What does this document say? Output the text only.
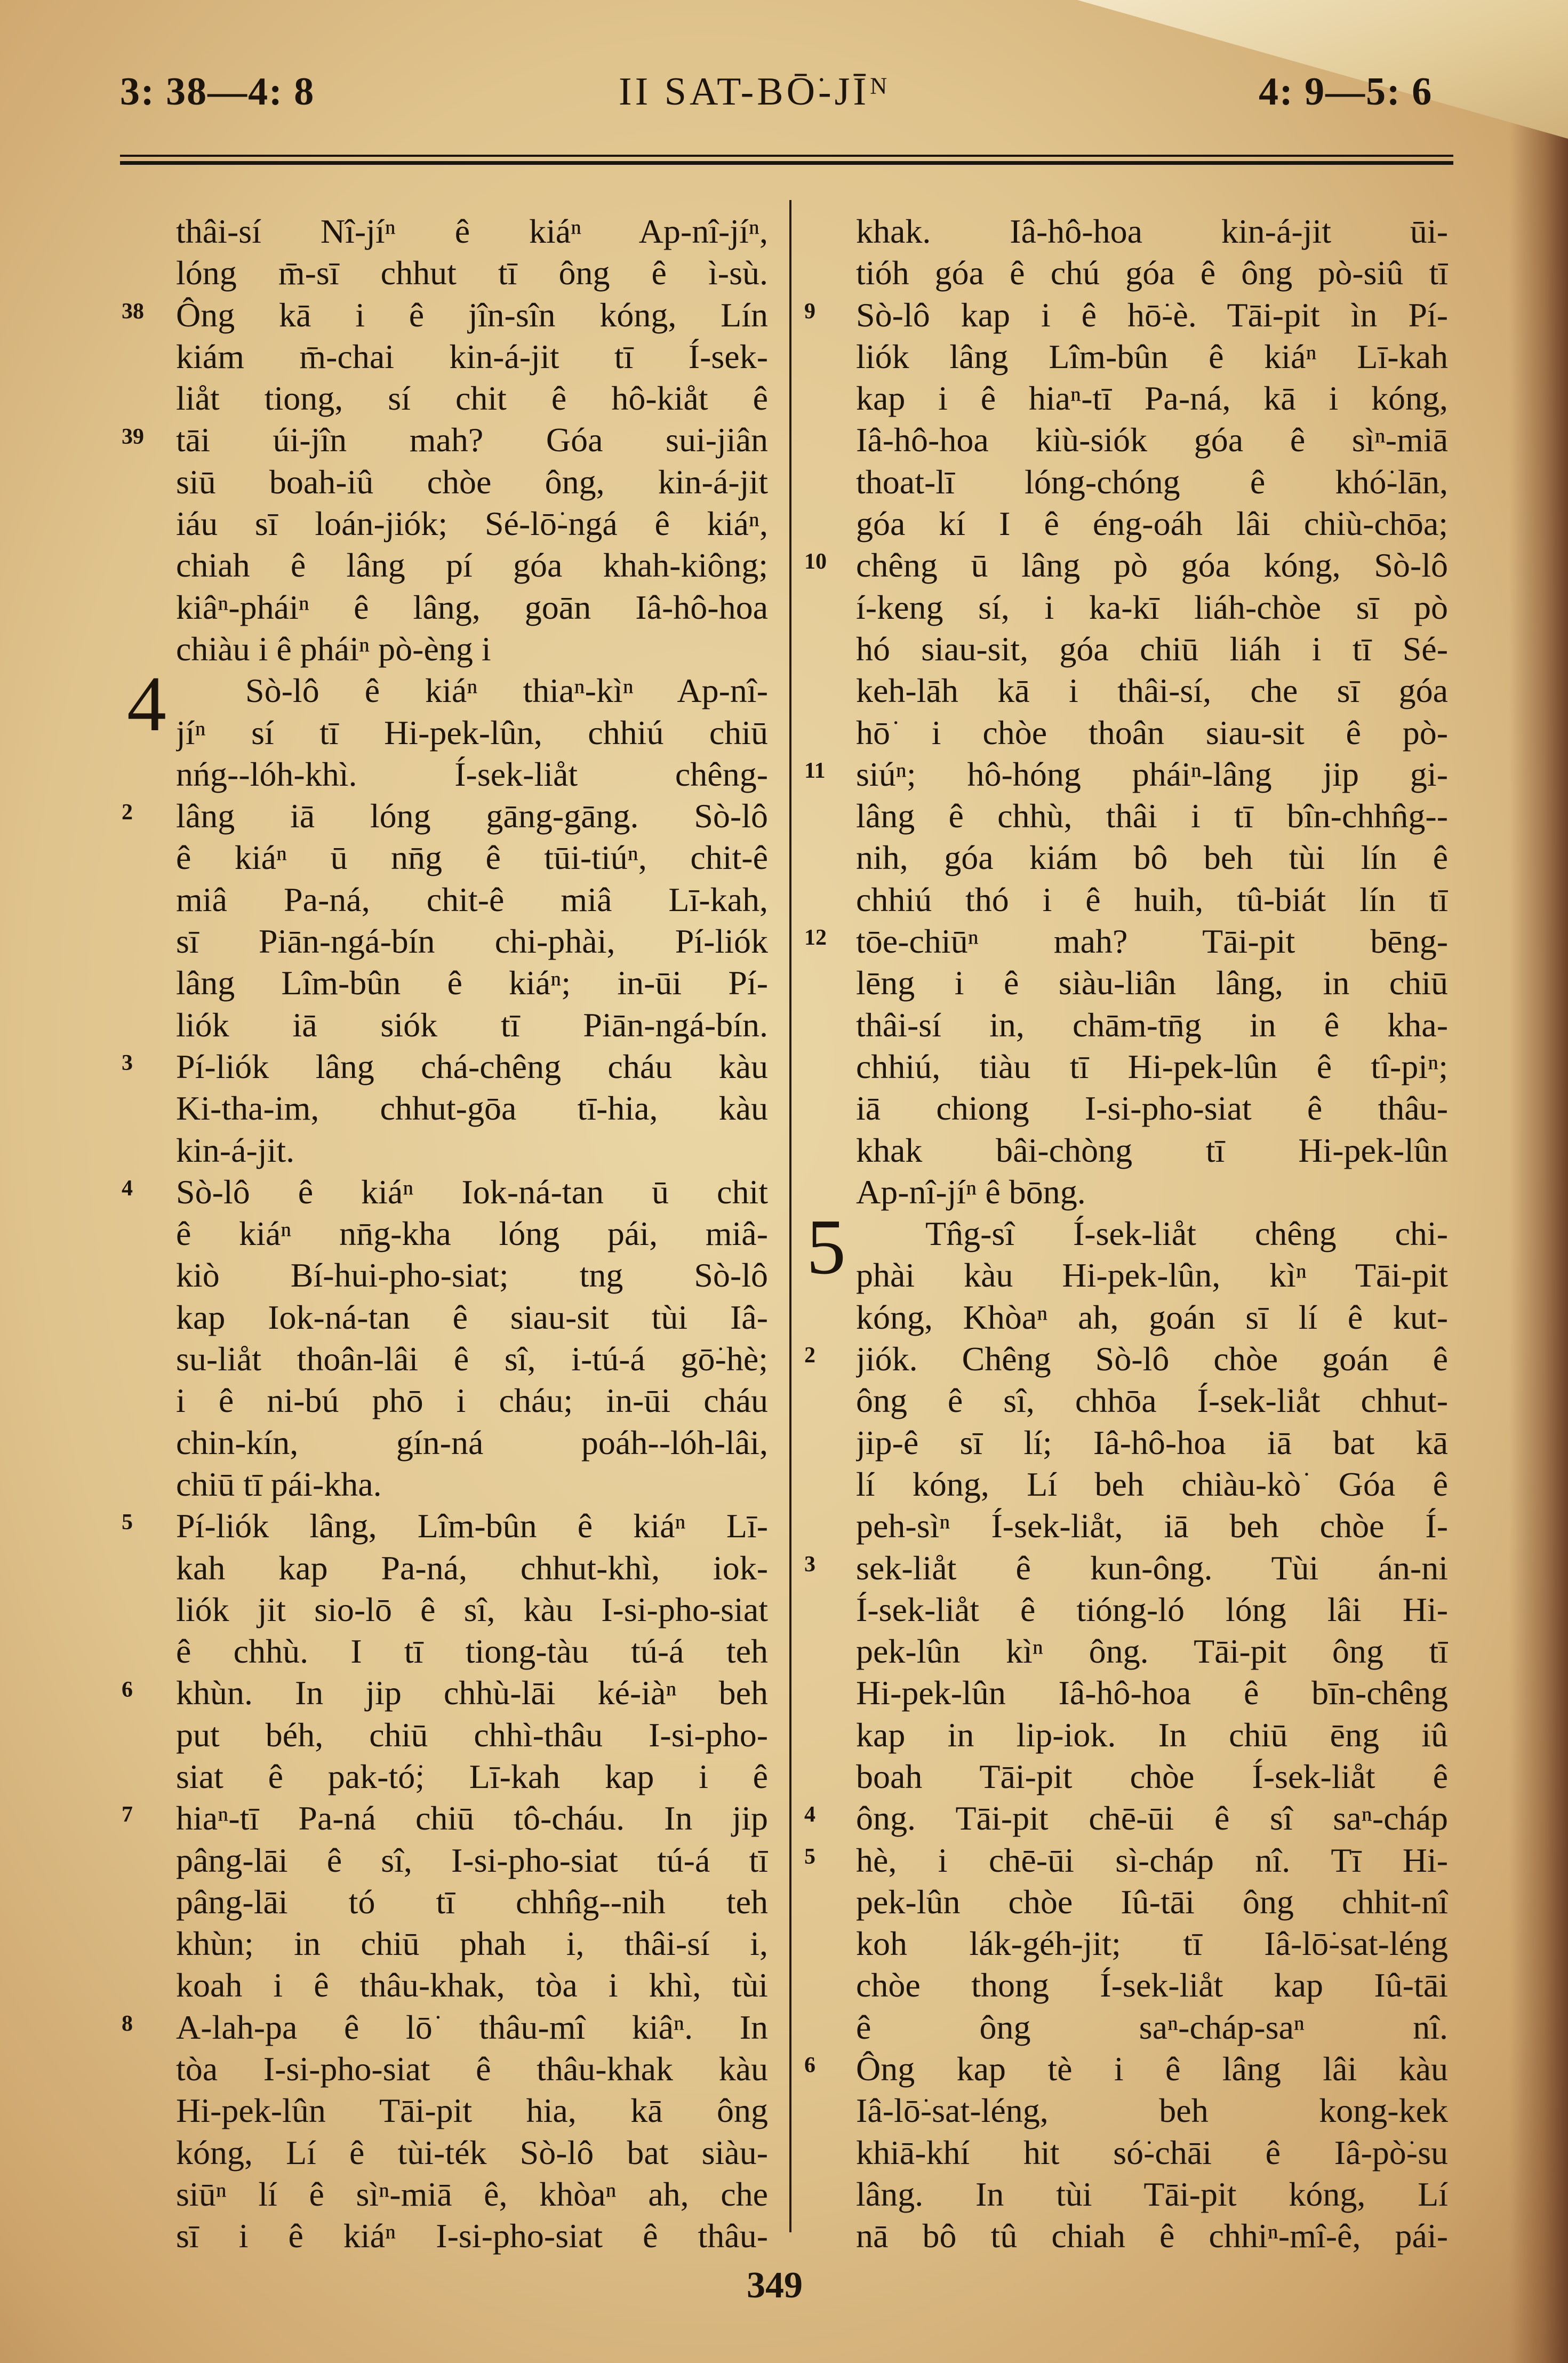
3: 38—4: 8	II SAT-BŌ͘-JĪᴺ	4: 9—5: 6
thâi-sí Nî-jíⁿ ê kiáⁿ Ap-nî-jíⁿ,
lóng m̄-sī chhut tī ông ê ì-sù.
Ông kā i ê jîn-sîn kóng, Lín
kiám m̄-chai kin-á-jit tī Í-sek-
liåt tiong, sí chit ê hô-kiåt ê
tāi úi-jîn mah? Góa sui-jiân
siū boah-iû chòe ông, kin-á-jit
iáu sī loán-jiók; Sé-lō͘-ngá ê kiáⁿ,
chiah ê lâng pí góa khah-kiông;
kiâⁿ-pháiⁿ ê lâng, goān Iâ-hô-hoa
chiàu i ê pháiⁿ pò-èng i
Sò-lô ê kiáⁿ thiaⁿ-kìⁿ Ap-nî-
jíⁿ sí tī Hi-pek-lûn, chhiú chiū
nńg--lóh-khì. Í-sek-liåt chêng-
lâng iā lóng gāng-gāng. Sò-lô
ê kiáⁿ ū nn̄g ê tūi-tiúⁿ, chit-ê
miâ Pa-ná, chit-ê miâ Lī-kah,
sī Piān-ngá-bín chi-phài, Pí-liók
lâng Lîm-bûn ê kiáⁿ; in-ūi Pí-
liók iā siók tī Piān-ngá-bín.
Pí-liók lâng chá-chêng cháu kàu
Ki-tha-im, chhut-gōa tī-hia, kàu
kin-á-jit.
Sò-lô ê kiáⁿ Iok-ná-tan ū chit
ê kiáⁿ nn̄g-kha lóng pái, miâ-
kiò Bí-hui-pho-siat; tng Sò-lô
kap Iok-ná-tan ê siau-sit tùi Iâ-
su-liåt thoân-lâi ê sî, i-tú-á gō͘-hè;
i ê ni-bú phō i cháu; in-ūi cháu
chin-kín, gín-ná poáh--lóh-lâi,
chiū tī pái-kha.
Pí-liók lâng, Lîm-bûn ê kiáⁿ Lī-
kah kap Pa-ná, chhut-khì, iok-
liók jit sio-lō ê sî, kàu I-si-pho-siat
ê chhù. I tī tiong-tàu tú-á teh
khùn. In jip chhù-lāi ké-iàⁿ beh
put béh, chiū chhì-thâu I-si-pho-
siat ê pak-tó͘; Lī-kah kap i ê
hiaⁿ-tī Pa-ná chiū tô-cháu. In jip
pâng-lāi ê sî, I-si-pho-siat tú-á tī
pâng-lāi tó tī chhn̂g--nih teh
khùn; in chiū phah i, thâi-sí i,
koah i ê thâu-khak, tòa i khì, tùi
A-lah-pa ê lō͘ thâu-mî kiâⁿ. In
tòa I-si-pho-siat ê thâu-khak kàu
Hi-pek-lûn Tāi-pit hia, kā ông
kóng, Lí ê tùi-ték Sò-lô bat siàu-
siūⁿ lí ê sìⁿ-miā ê, khòaⁿ ah, che
sī i ê kiáⁿ I-si-pho-siat ê thâu-
khak. Iâ-hô-hoa kin-á-jit ūi-
tióh góa ê chú góa ê ông pò-siû tī
Sò-lô kap i ê hō͘-è. Tāi-pit ìn Pí-
liók lâng Lîm-bûn ê kiáⁿ Lī-kah
kap i ê hiaⁿ-tī Pa-ná, kā i kóng,
Iâ-hô-hoa kiù-siók góa ê sìⁿ-miā
thoat-lī lóng-chóng ê khó͘-lān,
góa kí I ê éng-oáh lâi chiù-chōa;
chêng ū lâng pò góa kóng, Sò-lô
í-keng sí, i ka-kī liáh-chòe sī pò
hó siau-sit, góa chiū liáh i tī Sé-
keh-lāh kā i thâi-sí, che sī góa
hō͘ i chòe thoân siau-sit ê pò-
siúⁿ; hô-hóng pháiⁿ-lâng jip gi-
lâng ê chhù, thâi i tī bîn-chhn̂g--
nih, góa kiám bô beh tùi lín ê
chhiú thó i ê huih, tû-biát lín tī
tōe-chiūⁿ mah? Tāi-pit bēng-
lēng i ê siàu-liân lâng, in chiū
thâi-sí in, chām-tn̄g in ê kha-
chhiú, tiàu tī Hi-pek-lûn ê tî-piⁿ;
iā chiong I-si-pho-siat ê thâu-
khak bâi-chòng tī Hi-pek-lûn
Ap-nî-jíⁿ ê bōng.
Tn̂g-sî Í-sek-liåt chêng chi-
phài kàu Hi-pek-lûn, kìⁿ Tāi-pit
kóng, Khòaⁿ ah, goán sī lí ê kut-
jiók. Chêng Sò-lô chòe goán ê
ông ê sî, chhōa Í-sek-liåt chhut-
jip-ê sī lí; Iâ-hô-hoa iā bat kā
lí kóng, Lí beh chiàu-kò͘ Góa ê
peh-sìⁿ Í-sek-liåt, iā beh chòe Í-
sek-liåt ê kun-ông. Tùi án-ni
Í-sek-liåt ê tióng-ló lóng lâi Hi-
pek-lûn kìⁿ ông. Tāi-pit ông tī
Hi-pek-lûn Iâ-hô-hoa ê bīn-chêng
kap in lip-iok. In chiū ēng iû
boah Tāi-pit chòe Í-sek-liåt ê
ông. Tāi-pit chē-ūi ê sî saⁿ-cháp
hè, i chē-ūi sì-cháp nî. Tī Hi-
pek-lûn chòe Iû-tāi ông chhit-nî
koh lák-géh-jit; tī Iâ-lō͘-sat-léng
chòe thong Í-sek-liåt kap Iû-tāi
ê ông saⁿ-cháp-saⁿ nî.
Ông kap tè i ê lâng lâi kàu
Iâ-lō͘-sat-léng, beh kong-kek
khiā-khí hit só͘-chāi ê Iâ-pò͘-su
lâng. In tùi Tāi-pit kóng, Lí
nā bô tû chiah ê chhiⁿ-mî-ê, pái-
38
39
2
3
4
5
6
7
8
4
9
10
11
12
2
3
4
5
6
5
349
